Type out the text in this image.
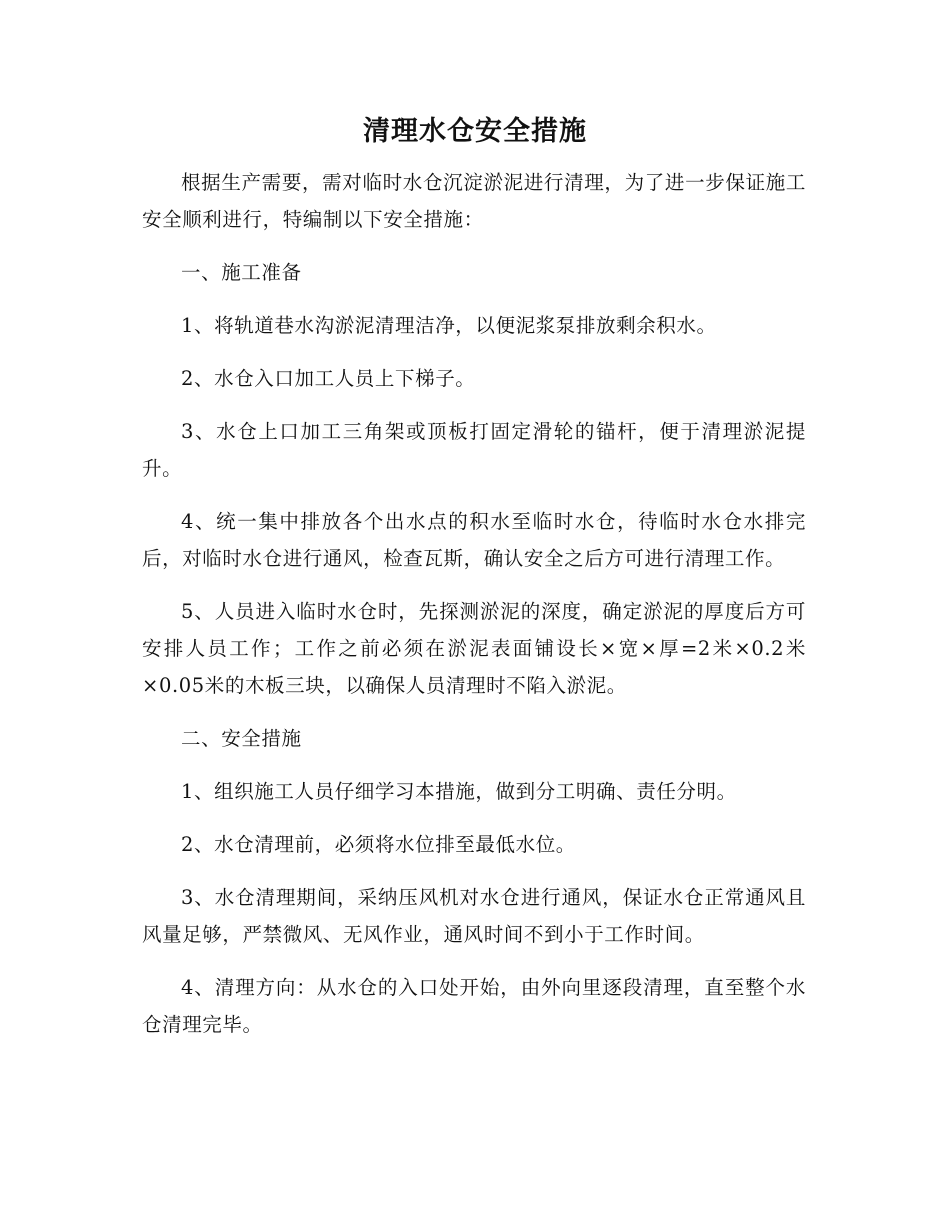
清理水仓安全措施

根据生产需要，需对临时水仓沉淀淤泥进行清理，为了进一步保证施工安全顺利进行，特编制以下安全措施：

一、施工准备

1、将轨道巷水沟淤泥清理洁净，以便泥浆泵排放剩余积水。

2、水仓入口加工人员上下梯子。

3、水仓上口加工三角架或顶板打固定滑轮的锚杆，便于清理淤泥提升。

4、统一集中排放各个出水点的积水至临时水仓，待临时水仓水排完后，对临时水仓进行通风，检查瓦斯，确认安全之后方可进行清理工作。

5、人员进入临时水仓时，先探测淤泥的深度，确定淤泥的厚度后方可安排人员工作；工作之前必须在淤泥表面铺设长×宽×厚=2米×0.2米×0.05米的木板三块，以确保人员清理时不陷入淤泥。

二、安全措施

1、组织施工人员仔细学习本措施，做到分工明确、责任分明。

2、水仓清理前，必须将水位排至最低水位。

3、水仓清理期间，采纳压风机对水仓进行通风，保证水仓正常通风且风量足够，严禁微风、无风作业，通风时间不到小于工作时间。

4、清理方向：从水仓的入口处开始，由外向里逐段清理，直至整个水仓清理完毕。
